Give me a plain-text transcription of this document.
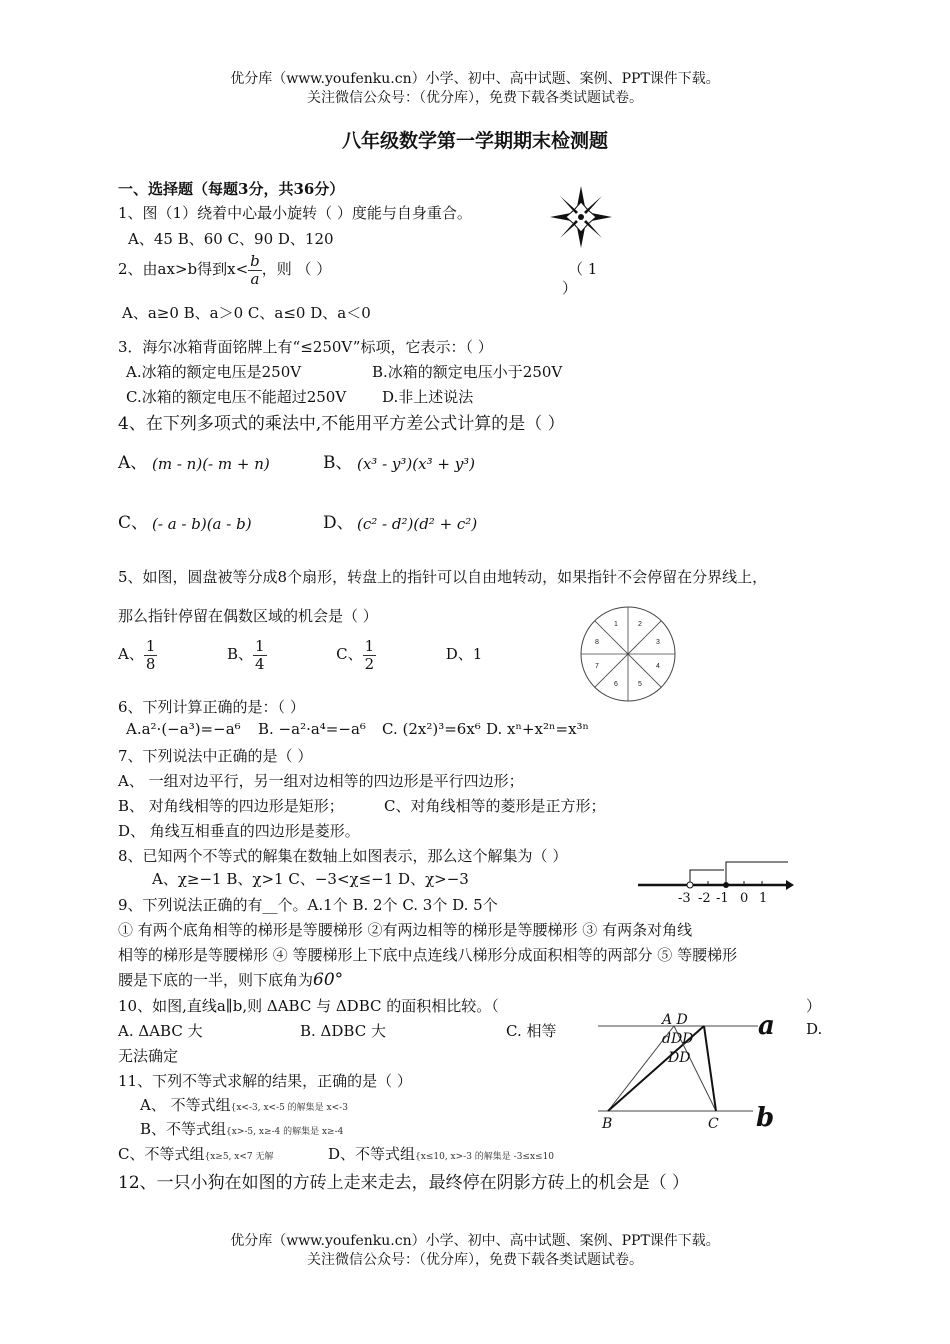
优分库（www.youfenku.cn）小学、初中、高中试题、案例、PPT课件下载。
关注微信公众号：（优分库），免费下载各类试题试卷。
八年级数学第一学期期末检测题
一、选择题（每题3分，共36分）
1、图（1）绕着中心最小旋转（ ）度能与自身重合。
A、45 B、60 C、90 D、120
（ 1
）
2、由ax>b得到$x< \frac{b}{a}$ ，则 （ ）
A、a≥0 B、a＞0 C、a≤0 D、a＜0
3．海尔冰箱背面铭牌上有“≤250V”标项，它表示：（ ）
A.冰箱的额定电压是250V	B.冰箱的额定电压小于250V
C.冰箱的额定电压不能超过250V D.非上述说法
4、在下列多项式的乘法中,不能用平方差公式计算的是（ ）
A、 (m - n)(- m + n)	B、 (x³ - y³)(x³ + y³)
C、 (- a - b)(a - b)	D、 (c² - d²)(d² + c²)
5、如图，圆盘被等分成8个扇形，转盘上的指针可以自由地转动，如果指针不会停留在分界线上，
那么指针停留在偶数区域的机会是（ ）
A、 $\frac{1}{8}$	B、 $\frac{1}{4}$	C、 $\frac{1}{2}$	D、1
1	2
3
4
5
6
7
8
6、下列计算正确的是：（ ）
A.a²·(−a³)=−a⁶ B. −a²·a⁴=−a⁶ C. (2x²)³=6x⁶ D. xⁿ+x²ⁿ=x³ⁿ
7、下列说法中正确的是（ ）
A、 一组对边平行，另一组对边相等的四边形是平行四边形；
B、 对角线相等的四边形是矩形；	C、对角线相等的菱形是正方形；
D、 角线互相垂直的四边形是菱形。
8、已知两个不等式的解集在数轴上如图表示，那么这个解集为（ ）
A、χ≥−1 B、χ>1 C、−3<χ≤−1 D、χ>−3
-3 -2 -1 0 1
9、下列说法正确的有__个。A.1个 B. 2个 C. 3个 D. 5个
① 有两个底角相等的梯形是等腰梯形 ②有两边相等的梯形是等腰梯形 ③ 有两条对角线
相等的梯形是等腰梯形 ④ 等腰梯形上下底中点连线八梯形分成面积相等的两部分 ⑤ 等腰梯形
腰是下底的一半，则下底角为60°
10、如图,直线a∥b,则 ΔABC 与 ΔDBC 的面积相比较。（	）
A. ΔABC 大	B. ΔDBC 大	C. 相等	D.
无法确定
A D
dDD
DD
a
b
B	C
11、下列不等式求解的结果，正确的是（ ）
A、 不等式组{x<-3, x<-5 的解集是 x<-3
B、不等式组{x>-5, x≥-4 的解集是 x≥-4
C、不等式组{x≥5, x<7 无解	D、不等式组{x≤10, x>-3 的解集是 -3≤x≤10
12、一只小狗在如图的方砖上走来走去，最终停在阴影方砖上的机会是（ ）
优分库（www.youfenku.cn）小学、初中、高中试题、案例、PPT课件下载。
关注微信公众号：（优分库），免费下载各类试题试卷。
